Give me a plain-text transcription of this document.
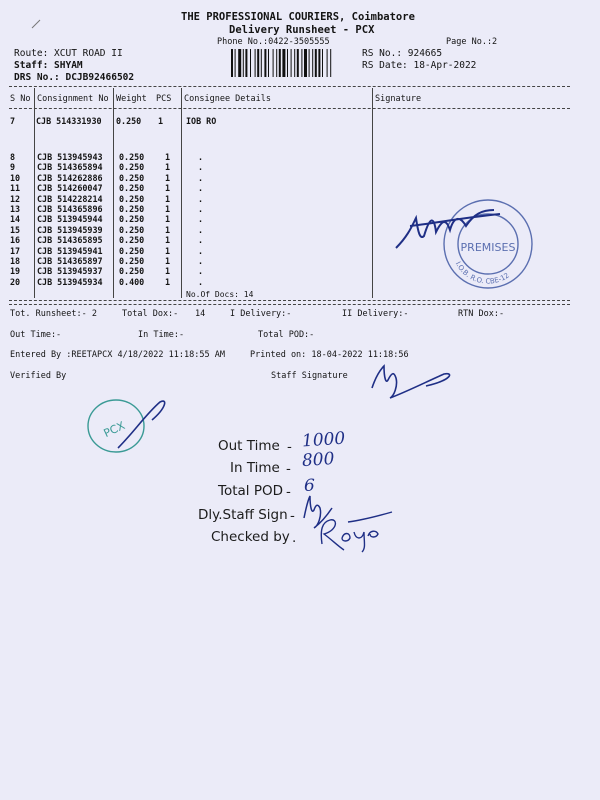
THE PROFESSIONAL COURIERS, Coimbatore
Delivery Runsheet - PCX
Phone No.:0422-3505555	Page No.:2
Route: XCUT ROAD II
Staff: SHYAM
DRS No.: DCJB92466502
RS No.: 924665
RS Date: 18-Apr-2022
S No Consignment No Weight PCS Consignee Details	Signature
7 CJB 514331930 0.250 1	IOB RO
8	CJB 513945943	0.250	1	.
9	CJB 514365894	0.250	1	.
10	CJB 514262886	0.250	1	.
11	CJB 514260047	0.250	1	.
12	CJB 514228214	0.250	1	.
13	CJB 514365896	0.250	1	.
14	CJB 513945944	0.250	1	.
15	CJB 513945939	0.250	1	.
16	CJB 514365895	0.250	1	.
17	CJB 513945941	0.250	1	.
18	CJB 514365897	0.250	1	.
19	CJB 513945937	0.250	1	.
20	CJB 513945934	0.400	1	.
No.Of Docs: 14
PREMISES
I.O.B. R.O. CBE-12
Tot. Runsheet:- 2	Total Dox:- 14	I Delivery:-	II Delivery:-	RTN Dox:-
Out Time:-	In Time:-	Total POD:-
Entered By :REETAPCX 4/18/2022 11:18:55 AM	Printed on: 18-04-2022 11:18:56
Verified By	Staff Signature
PCX
Out Time
In Time
Total POD
Dly.Staff Sign
Checked by
-
-
-
-
.
1000
800
6
